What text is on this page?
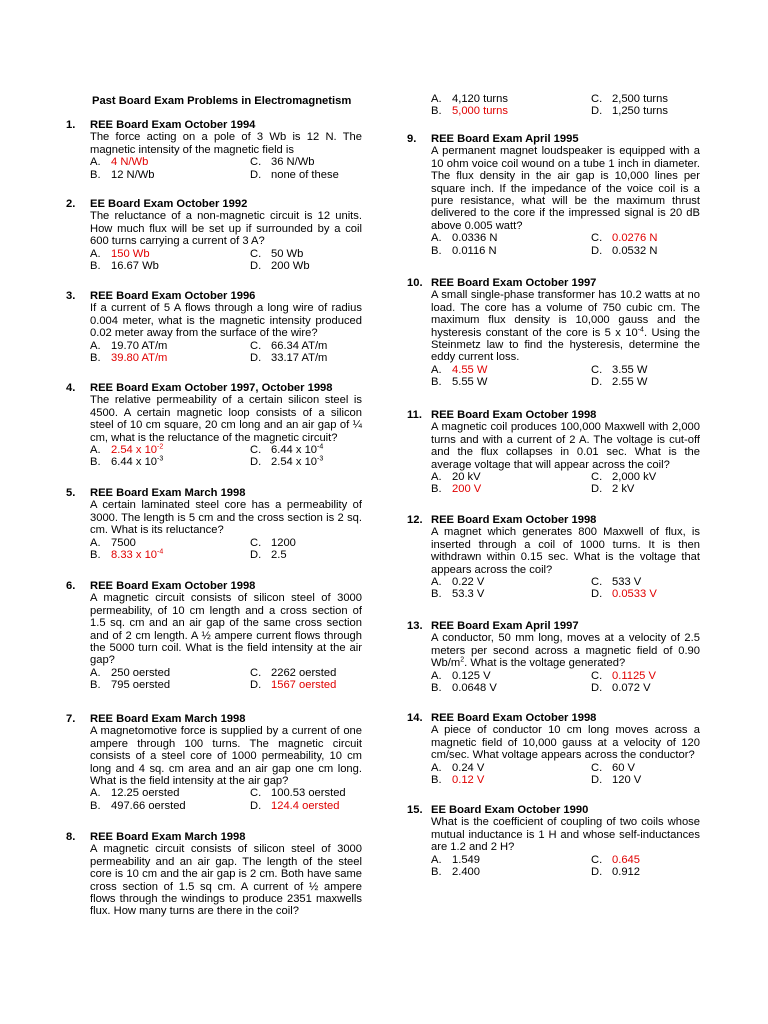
Past Board Exam Problems in Electromagnetism
1.	REE Board Exam October 1994
The force acting on a pole of 3 Wb is 12 N. The magnetic intensity of the magnetic field is
A. 4 N/Wb	C. 36 N/Wb
B. 12 N/Wb	D. none of these
2.	EE Board Exam October 1992
The reluctance of a non-magnetic circuit is 12 units. How much flux will be set up if surrounded by a coil 600 turns carrying a current of 3 A?
A. 150 Wb	C. 50 Wb
B. 16.67 Wb	D. 200 Wb
3.	REE Board Exam October 1996
If a current of 5 A flows through a long wire of radius 0.004 meter, what is the magnetic intensity produced 0.02 meter away from the surface of the wire?
A. 19.70 AT/m	C. 66.34 AT/m
B. 39.80 AT/m	D. 33.17 AT/m
4.	REE Board Exam October 1997, October 1998
The relative permeability of a certain silicon steel is 4500. A certain magnetic loop consists of a silicon steel of 10 cm square, 20 cm long and an air gap of ¼ cm, what is the reluctance of the magnetic circuit?
A. 2.54 x $10^{-2}$	C. 6.44 x $10^{-4}$
B. 6.44 x $10^{-3}$	D. 2.54 x $10^{-3}$
5.	REE Board Exam March 1998
A certain laminated steel core has a permeability of 3000. The length is 5 cm and the cross section is 2 sq. cm. What is its reluctance?
A. 7500	C. 1200
B. 8.33 x $10^{-4}$	D. 2.5
6.	REE Board Exam October 1998
A magnetic circuit consists of silicon steel of 3000 permeability, of 10 cm length and a cross section of 1.5 sq. cm and an air gap of the same cross section and of 2 cm length. A ½ ampere current flows through the 5000 turn coil. What is the field intensity at the air gap?
A. 250 oersted	C. 2262 oersted
B. 795 oersted	D. 1567 oersted
7.	REE Board Exam March 1998
A magnetomotive force is supplied by a current of one ampere through 100 turns. The magnetic circuit consists of a steel core of 1000 permeability, 10 cm long and 4 sq. cm area and an air gap one cm long. What is the field intensity at the air gap?
A. 12.25 oersted	C. 100.53 oersted
B. 497.66 oersted	D. 124.4 oersted
8.	REE Board Exam March 1998
A magnetic circuit consists of silicon steel of 3000 permeability and an air gap. The length of the steel core is 10 cm and the air gap is 2 cm. Both have same cross section of 1.5 sq cm. A current of ½ ampere flows through the windings to produce 2351 maxwells flux. How many turns are there in the coil?
A. 4,120 turns	C. 2,500 turns
B. 5,000 turns	D. 1,250 turns
9.	REE Board Exam April 1995
A permanent magnet loudspeaker is equipped with a 10 ohm voice coil wound on a tube 1 inch in diameter. The flux density in the air gap is 10,000 lines per square inch. If the impedance of the voice coil is a pure resistance, what will be the maximum thrust delivered to the core if the impressed signal is 20 dB above 0.005 watt?
A. 0.0336 N	C. 0.0276 N
B. 0.0116 N	D. 0.0532 N
10. REE Board Exam October 1997
A small single-phase transformer has 10.2 watts at no load. The core has a volume of 750 cubic cm. The maximum flux density is 10,000 gauss and the hysteresis constant of the core is 5 x $10^{-4}$. Using the Steinmetz law to find the hysteresis, determine the eddy current loss.
A. 4.55 W	C. 3.55 W
B. 5.55 W	D. 2.55 W
11. REE Board Exam October 1998
A magnetic coil produces 100,000 Maxwell with 2,000 turns and with a current of 2 A. The voltage is cut-off and the flux collapses in 0.01 sec. What is the average voltage that will appear across the coil?
A. 20 kV	C. 2,000 kV
B. 200 V	D. 2 kV
12. REE Board Exam October 1998
A magnet which generates 800 Maxwell of flux, is inserted through a coil of 1000 turns. It is then withdrawn within 0.15 sec. What is the voltage that appears across the coil?
A. 0.22 V	C. 533 V
B. 53.3 V	D. 0.0533 V
13. REE Board Exam April 1997
A conductor, 50 mm long, moves at a velocity of 2.5 meters per second across a magnetic field of 0.90 $Wb/m^2$. What is the voltage generated?
A. 0.125 V	C. 0.1125 V
B. 0.0648 V	D. 0.072 V
14. REE Board Exam October 1998
A piece of conductor 10 cm long moves across a magnetic field of 10,000 gauss at a velocity of 120 cm/sec. What voltage appears across the conductor?
A. 0.24 V	C. 60 V
B. 0.12 V	D. 120 V
15. EE Board Exam October 1990
What is the coefficient of coupling of two coils whose mutual inductance is 1 H and whose self-inductances are 1.2 and 2 H?
A. 1.549	C. 0.645
B. 2.400	D. 0.912
